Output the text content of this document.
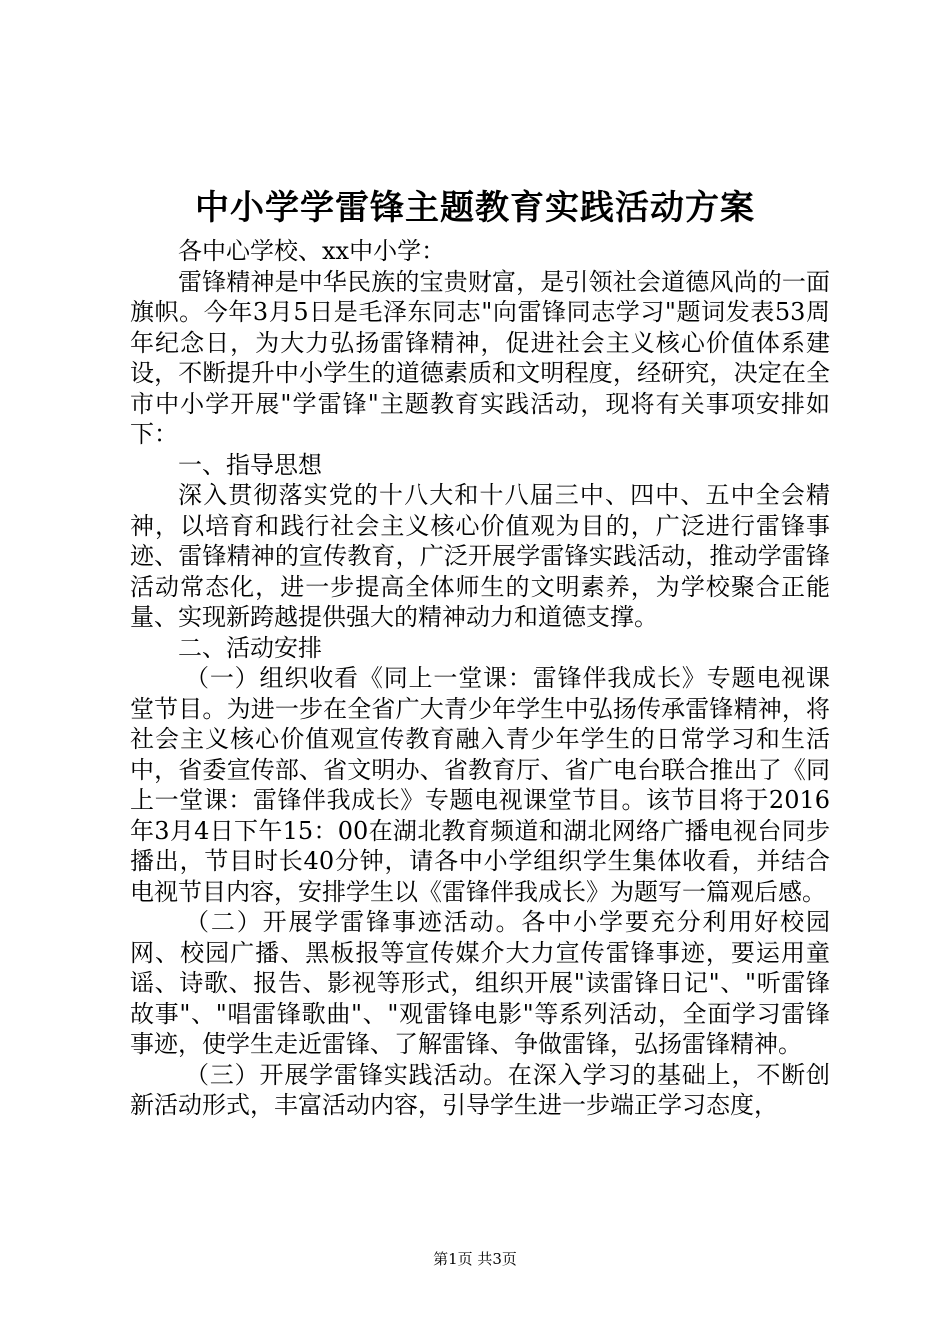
中小学学雷锋主题教育实践活动方案

各中心学校、xx中小学：

雷锋精神是中华民族的宝贵财富，是引领社会道德风尚的一面旗帜。今年3月5日是毛泽东同志"向雷锋同志学习"题词发表53周年纪念日，为大力弘扬雷锋精神，促进社会主义核心价值体系建设，不断提升中小学生的道德素质和文明程度，经研究，决定在全市中小学开展"学雷锋"主题教育实践活动，现将有关事项安排如下：

一、指导思想

深入贯彻落实党的十八大和十八届三中、四中、五中全会精神，以培育和践行社会主义核心价值观为目的，广泛进行雷锋事迹、雷锋精神的宣传教育，广泛开展学雷锋实践活动，推动学雷锋活动常态化，进一步提高全体师生的文明素养，为学校聚合正能量、实现新跨越提供强大的精神动力和道德支撑。

二、活动安排

（一）组织收看《同上一堂课：雷锋伴我成长》专题电视课堂节目。为进一步在全省广大青少年学生中弘扬传承雷锋精神，将社会主义核心价值观宣传教育融入青少年学生的日常学习和生活中，省委宣传部、省文明办、省教育厅、省广电台联合推出了《同上一堂课：雷锋伴我成长》专题电视课堂节目。该节目将于2016年3月4日下午15：00在湖北教育频道和湖北网络广播电视台同步播出，节目时长40分钟，请各中小学组织学生集体收看，并结合电视节目内容，安排学生以《雷锋伴我成长》为题写一篇观后感。

（二）开展学雷锋事迹活动。各中小学要充分利用好校园网、校园广播、黑板报等宣传媒介大力宣传雷锋事迹，要运用童谣、诗歌、报告、影视等形式，组织开展"读雷锋日记"、"听雷锋故事"、"唱雷锋歌曲"、"观雷锋电影"等系列活动，全面学习雷锋事迹，使学生走近雷锋、了解雷锋、争做雷锋，弘扬雷锋精神。

（三）开展学雷锋实践活动。在深入学习的基础上，不断创新活动形式，丰富活动内容，引导学生进一步端正学习态度，

第1页 共3页
